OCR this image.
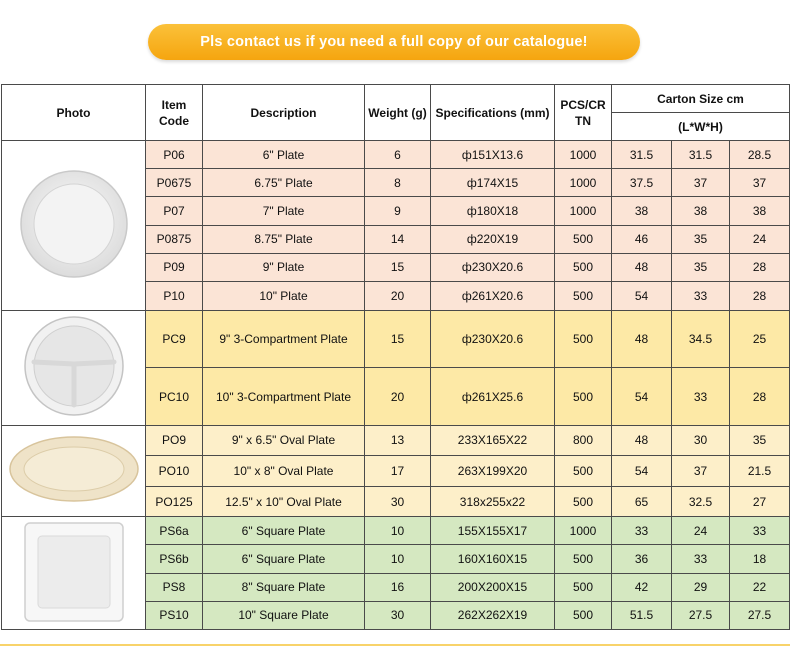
Pls contact us if you need a full copy of our catalogue!
Photo	Item Code	Description	Weight (g)	Specifications (mm)	PCS/CR TN	Carton Size cm		
						(L*W*H)		
	P06	6" Plate	6	ф151X13.6	1000	31.5	31.5	28.5
	P0675	6.75" Plate	8	ф174X15	1000	37.5	37	37
	P07	7" Plate	9	ф180X18	1000	38	38	38
	P0875	8.75" Plate	14	ф220X19	500	46	35	24
	P09	9" Plate	15	ф230X20.6	500	48	35	28
	P10	10" Plate	20	ф261X20.6	500	54	33	28
	PC9	9" 3-Compartment Plate	15	ф230X20.6	500	48	34.5	25
	PC10	10" 3-Compartment Plate	20	ф261X25.6	500	54	33	28
	PO9	9" x 6.5" Oval Plate	13	233X165X22	800	48	30	35
	PO10	10" x 8" Oval Plate	17	263X199X20	500	54	37	21.5
	PO125	12.5" x 10" Oval Plate	30	318x255x22	500	65	32.5	27
	PS6a	6" Square Plate	10	155X155X17	1000	33	24	33
	PS6b	6" Square Plate	10	160X160X15	500	36	33	18
	PS8	8" Square Plate	16	200X200X15	500	42	29	22
	PS10	10" Square Plate	30	262X262X19	500	51.5	27.5	27.5
